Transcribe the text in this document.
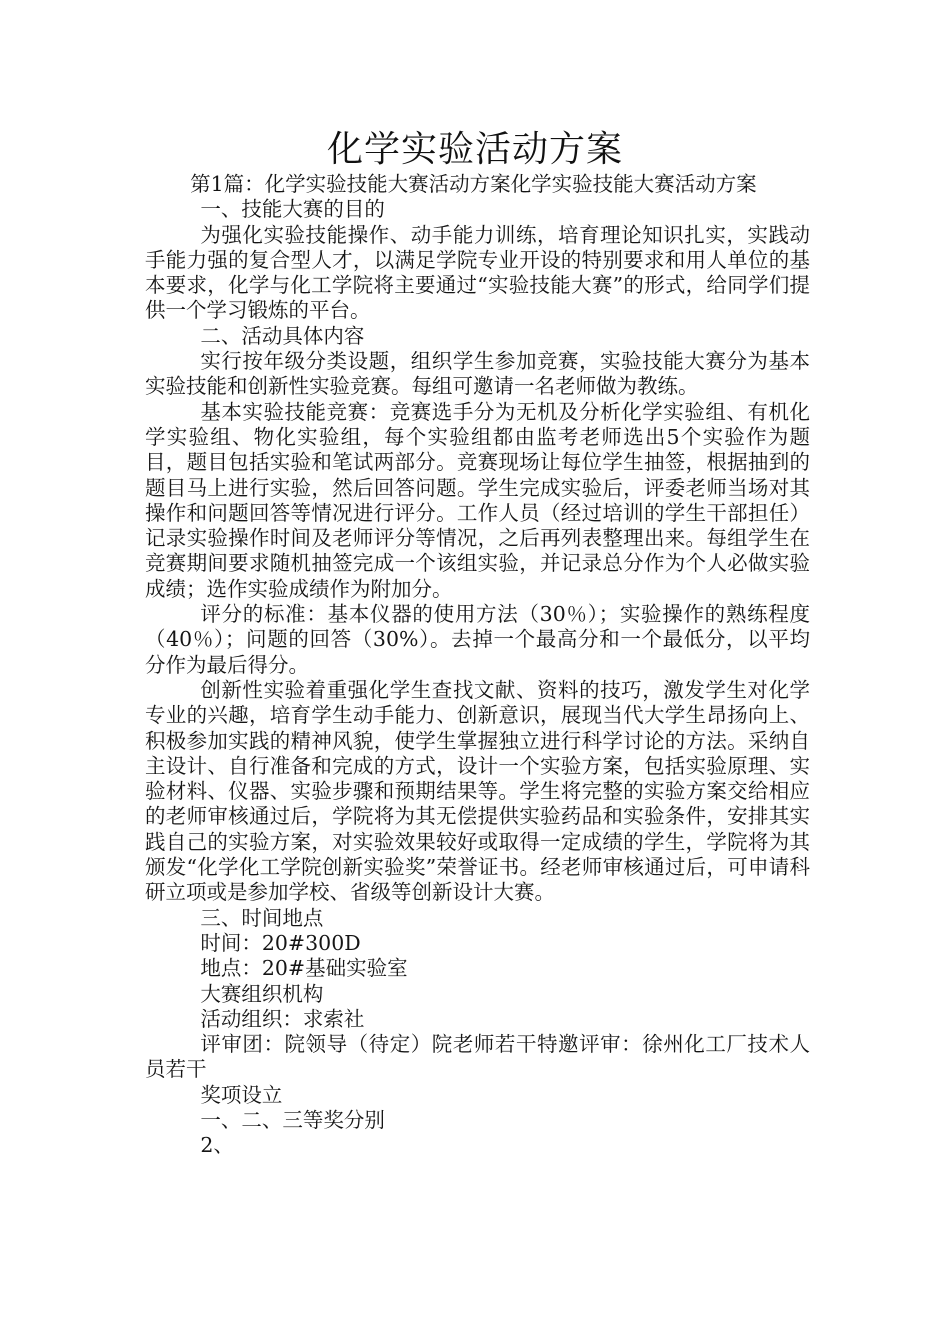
化学实验活动方案

第1篇：化学实验技能大赛活动方案化学实验技能大赛活动方案

一、技能大赛的目的

为强化实验技能操作、动手能力训练，培育理论知识扎实，实践动手能力强的复合型人才，以满足学院专业开设的特别要求和用人单位的基本要求，化学与化工学院将主要通过“实验技能大赛”的形式，给同学们提供一个学习锻炼的平台。

二、活动具体内容

实行按年级分类设题，组织学生参加竞赛，实验技能大赛分为基本实验技能和创新性实验竞赛。每组可邀请一名老师做为教练。

基本实验技能竞赛：竞赛选手分为无机及分析化学实验组、有机化学实验组、物化实验组，每个实验组都由监考老师选出5个实验作为题目，题目包括实验和笔试两部分。竞赛现场让每位学生抽签，根据抽到的题目马上进行实验，然后回答问题。学生完成实验后，评委老师当场对其操作和问题回答等情况进行评分。工作人员（经过培训的学生干部担任）记录实验操作时间及老师评分等情况，之后再列表整理出来。每组学生在竞赛期间要求随机抽签完成一个该组实验，并记录总分作为个人必做实验成绩；选作实验成绩作为附加分。

评分的标准：基本仪器的使用方法（30％）；实验操作的熟练程度（40％）；问题的回答（30%）。去掉一个最高分和一个最低分，以平均分作为最后得分。

创新性实验着重强化学生查找文献、资料的技巧，激发学生对化学专业的兴趣，培育学生动手能力、创新意识，展现当代大学生昂扬向上、积极参加实践的精神风貌，使学生掌握独立进行科学讨论的方法。采纳自主设计、自行准备和完成的方式，设计一个实验方案，包括实验原理、实验材料、仪器、实验步骤和预期结果等。学生将完整的实验方案交给相应的老师审核通过后，学院将为其无偿提供实验药品和实验条件，安排其实践自己的实验方案，对实验效果较好或取得一定成绩的学生，学院将为其颁发“化学化工学院创新实验奖”荣誉证书。经老师审核通过后，可申请科研立项或是参加学校、省级等创新设计大赛。

三、时间地点

时间：20#300D

地点：20#基础实验室

大赛组织机构

活动组织：求索社

评审团：院领导（待定）院老师若干特邀评审：徐州化工厂技术人员若干

奖项设立

一、二、三等奖分别

2、
